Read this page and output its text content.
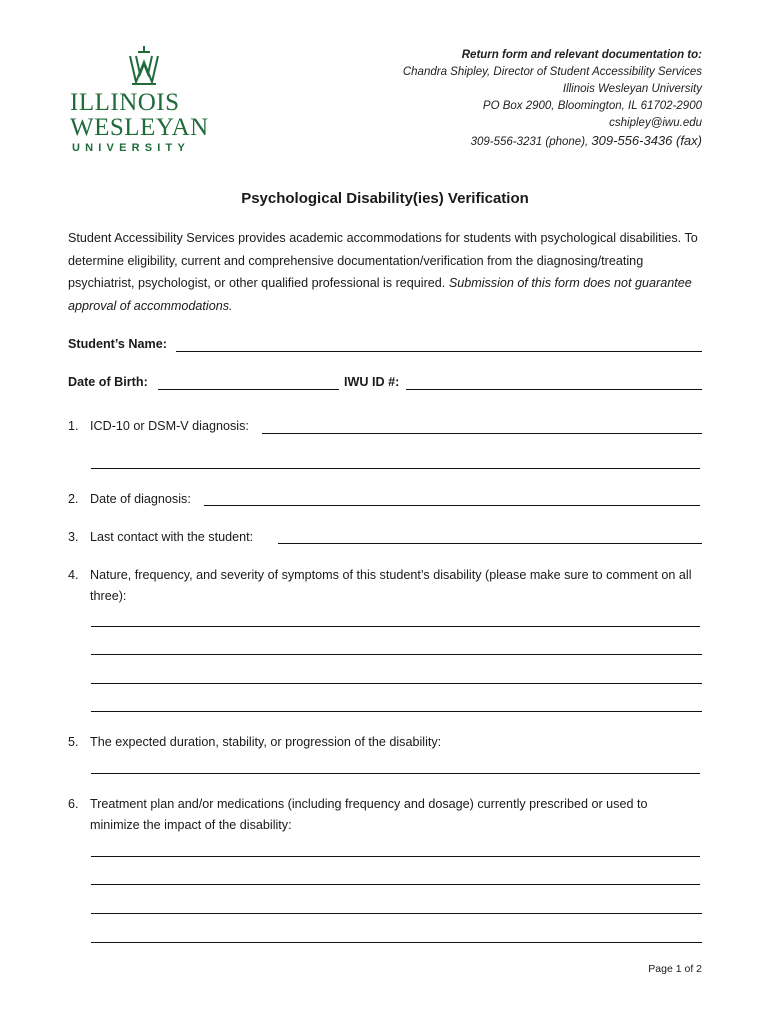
ILLINOIS
WESLEYAN
UNIVERSITY
Return form and relevant documentation to:
Chandra Shipley, Director of Student Accessibility Services
Illinois Wesleyan University
PO Box 2900, Bloomington, IL 61702-2900
cshipley@iwu.edu
309-556-3231 (phone), 309-556-3436 (fax)
Psychological Disability(ies) Verification

Student Accessibility Services provides academic accommodations for students with psychological disabilities. To determine eligibility, current and comprehensive documentation/verification from the diagnosing/treating psychiatrist, psychologist, or other qualified professional is required. Submission of this form does not guarantee approval of accommodations.

Student’s Name:
Date of Birth:	IWU ID #:
1. ICD-10 or DSM-V diagnosis:
2. Date of diagnosis:
3. Last contact with the student:
4. Nature, frequency, and severity of symptoms of this student’s disability (please make sure to comment on all three):
5. The expected duration, stability, or progression of the disability:
6. Treatment plan and/or medications (including frequency and dosage) currently prescribed or used to minimize the impact of the disability:
Page 1 of 2
